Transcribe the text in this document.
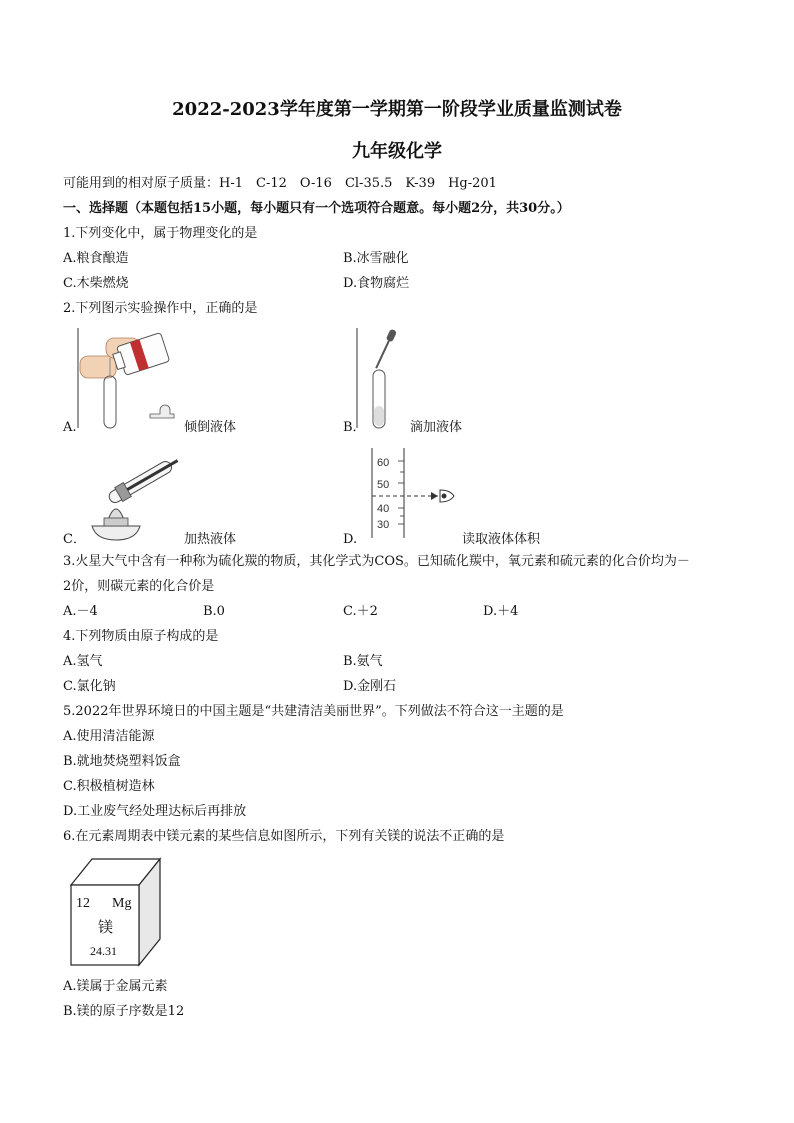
2022-2023学年度第一学期第一阶段学业质量监测试卷
九年级化学
可能用到的相对原子质量：H-1　C-12　O-16　Cl-35.5　K-39　Hg-201
一、选择题（本题包括15小题，每小题只有一个选项符合题意。每小题2分，共30分。）
1.下列变化中，属于物理变化的是
A.粮食酿造	B.冰雪融化
C.木柴燃烧	D.食物腐烂
2.下列图示实验操作中，正确的是
A.	倾倒液体	B．	滴加液体
C．	加热液体
60
50
40
30
D.	读取液体体积
3.火星大气中含有一种称为硫化羰的物质，其化学式为COS。已知硫化羰中，氧元素和硫元素的化合价均为－
2价，则碳元素的化合价是
A.－4	B.0	C.＋2	D.＋4
4.下列物质由原子构成的是
A.氢气	B.氨气
C.氯化钠	D.金刚石
5.2022年世界环境日的中国主题是“共建清洁美丽世界”。下列做法不符合这一主题的是
A.使用清洁能源
B.就地焚烧塑料饭盒
C.积极植树造林
D.工业废气经处理达标后再排放
6.在元素周期表中镁元素的某些信息如图所示，下列有关镁的说法不正确的是
12 Mg
镁
24.31
A.镁属于金属元素
B.镁的原子序数是12
